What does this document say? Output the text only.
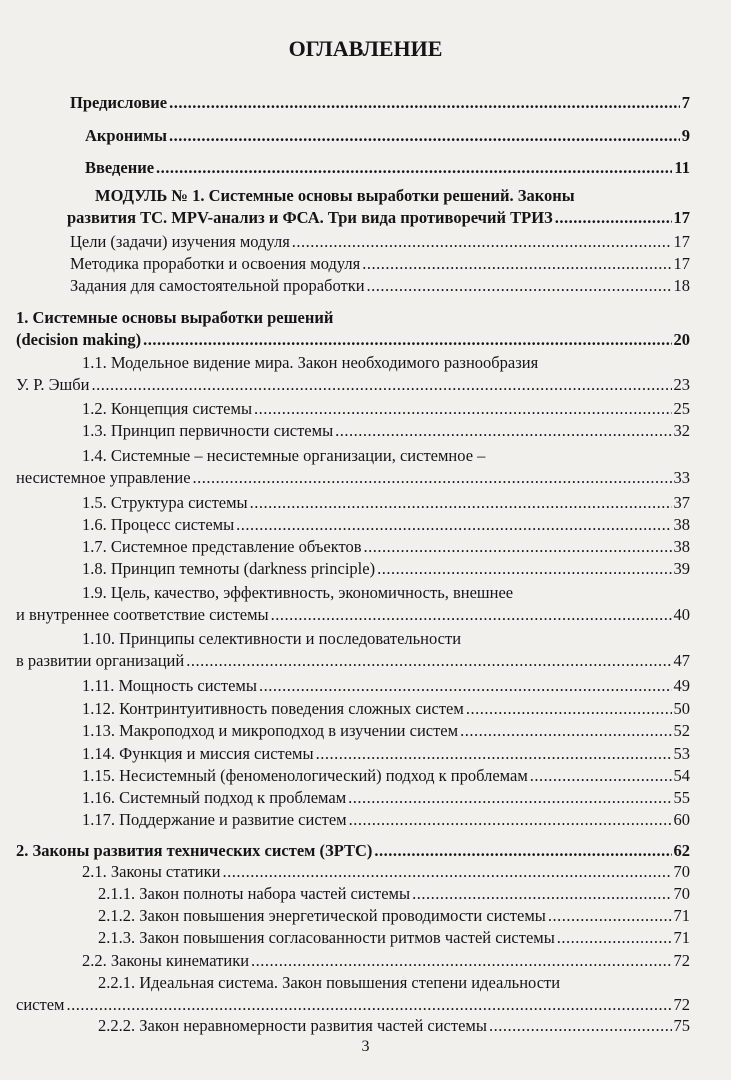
ОГЛАВЛЕНИЕ
Предисловие .....	7
Акронимы .....	9
Введение .....	11
МОДУЛЬ № 1. Системные основы выработки решений. Законы
развития ТС. MPV-анализ и ФСА. Три вида противоречий ТРИЗ .....	17
Цели (задачи) изучения модуля .....	17
Методика проработки и освоения модуля .....	17
Задания для самостоятельной проработки .....	18
1. Системные основы выработки решений
(decision making) .....	20
1.1. Модельное видение мира. Закон необходимого разнообразия
У. Р. Эшби .....	23
1.2. Концепция системы .....	25
1.3. Принцип первичности системы .....	32
1.4. Системные – несистемные организации, системное –
несистемное управление .....	33
1.5. Структура системы .....	37
1.6. Процесс системы .....	38
1.7. Системное представление объектов .....	38
1.8. Принцип темноты (darkness principle) .....	39
1.9. Цель, качество, эффективность, экономичность, внешнее
и внутреннее соответствие системы .....	40
1.10. Принципы селективности и последовательности
в развитии организаций .....	47
1.11. Мощность системы .....	49
1.12. Контринтуитивность поведения сложных систем .....	50
1.13. Макроподход и микроподход в изучении систем .....	52
1.14. Функция и миссия системы .....	53
1.15. Несистемный (феноменологический) подход к проблемам .....	54
1.16. Системный подход к проблемам .....	55
1.17. Поддержание и развитие систем .....	60
2. Законы развития технических систем (ЗРТС) .....	62
2.1. Законы статики .....	70
2.1.1. Закон полноты набора частей системы .....	70
2.1.2. Закон повышения энергетической проводимости системы .....	71
2.1.3. Закон повышения согласованности ритмов частей системы .....	71
2.2. Законы кинематики .....	72
2.2.1. Идеальная система. Закон повышения степени идеальности
систем .....	72
2.2.2. Закон неравномерности развития частей системы .....	75
3
